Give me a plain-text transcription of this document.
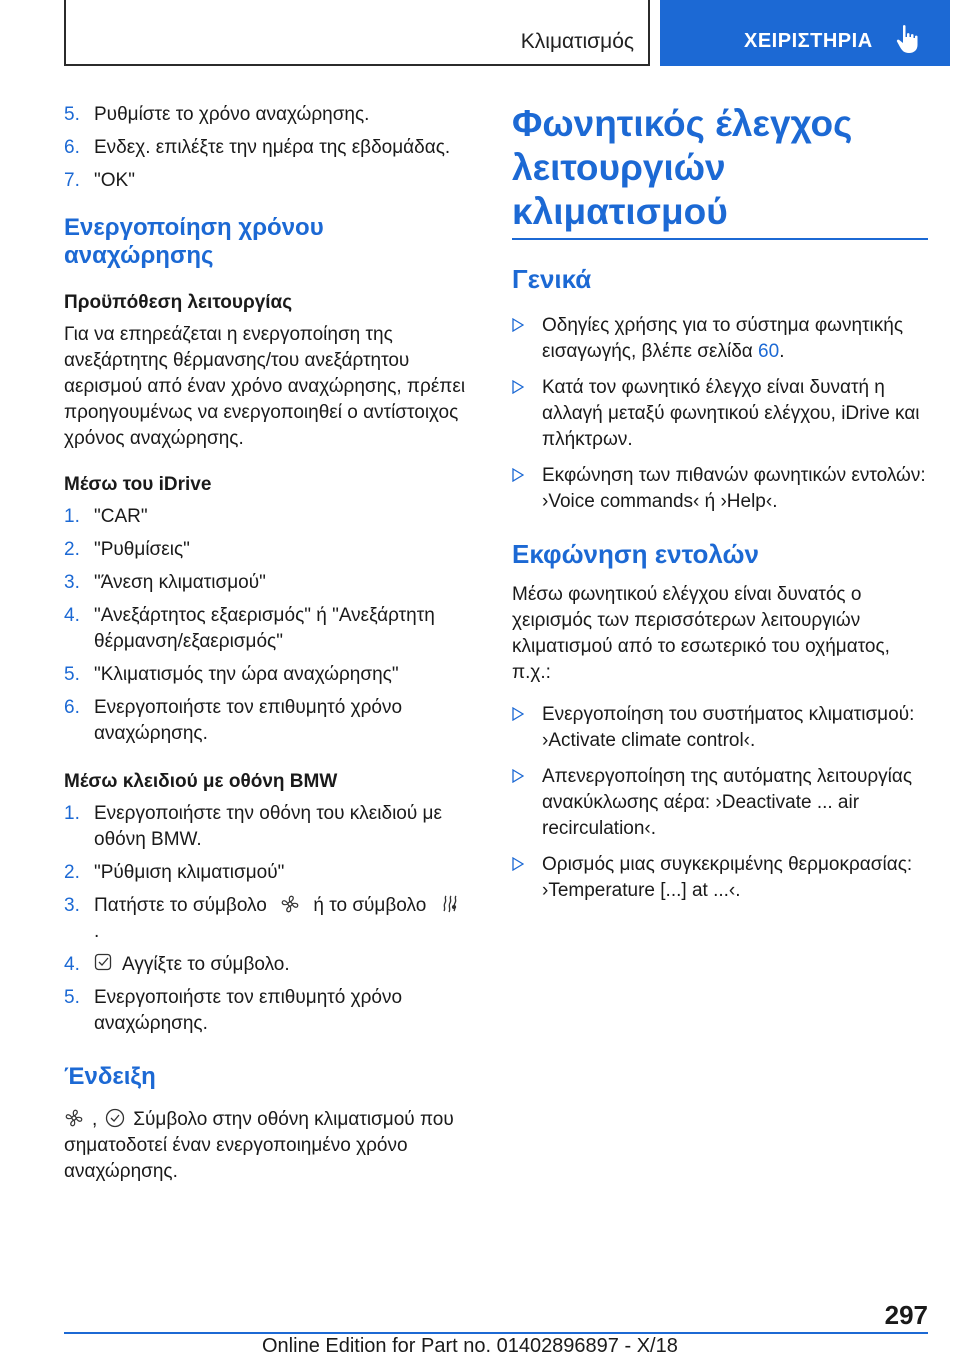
Κλιματισμός	ΧΕΙΡΙΣΤΗΡΙΑ
5. Ρυθμίστε το χρόνο αναχώρησης.
6. Ενδεχ. επιλέξτε την ημέρα της εβδομάδας.
7. "OK"
Ενεργοποίηση χρόνου αναχώρησης
Προϋπόθεση λειτουργίας
Για να επηρεάζεται η ενεργοποίηση της ανεξάρτητης θέρμανσης/του ανεξάρτητου αερισμού από έναν χρόνο αναχώρησης, πρέπει προηγουμένως να ενεργοποιηθεί ο αντίστοιχος χρόνος αναχώρησης.
Μέσω του iDrive
1. "CAR"
2. "Ρυθμίσεις"
3. "Άνεση κλιματισμού"
4. "Ανεξάρτητος εξαερισμός" ή "Ανεξάρτητη θέρμανση/εξαερισμός"
5. "Κλιματισμός την ώρα αναχώρησης"
6. Ενεργοποιήστε τον επιθυμητό χρόνο αναχώρησης.
Μέσω κλειδιού με οθόνη BMW
1. Ενεργοποιήστε την οθόνη του κλειδιού με οθόνη BMW.
2. "Ρύθμιση κλιματισμού"
3. Πατήστε το σύμβολο ή το σύμβολο  .
4. Αγγίξτε το σύμβολο.
5. Ενεργοποιήστε τον επιθυμητό χρόνο αναχώρησης.
Ένδειξη
, Σύμβολο στην οθόνη κλιματισμού που σηματοδοτεί έναν ενεργοποιημένο χρόνο αναχώρησης.
Φωνητικός έλεγχος λειτουργιών κλιματισμού
Γενικά
Οδηγίες χρήσης για το σύστημα φωνητικής εισαγωγής, βλέπε σελίδα 60.
Κατά τον φωνητικό έλεγχο είναι δυνατή η αλλαγή μεταξύ φωνητικού ελέγχου, iDrive και πλήκτρων.
Εκφώνηση των πιθανών φωνητικών εντολών: ›Voice commands‹ ή ›Help‹.
Εκφώνηση εντολών
Μέσω φωνητικού ελέγχου είναι δυνατός ο χειρισμός των περισσότερων λειτουργιών κλιματισμού από το εσωτερικό του οχήματος, π.χ.:
Ενεργοποίηση του συστήματος κλιματισμού: ›Activate climate control‹.
Απενεργοποίηση της αυτόματης λειτουργίας ανακύκλωσης αέρα: ›Deactivate ... air recirculation‹.
Ορισμός μιας συγκεκριμένης θερμοκρασίας: ›Temperature [...] at ...‹.
297
Online Edition for Part no. 01402896897 - X/18
